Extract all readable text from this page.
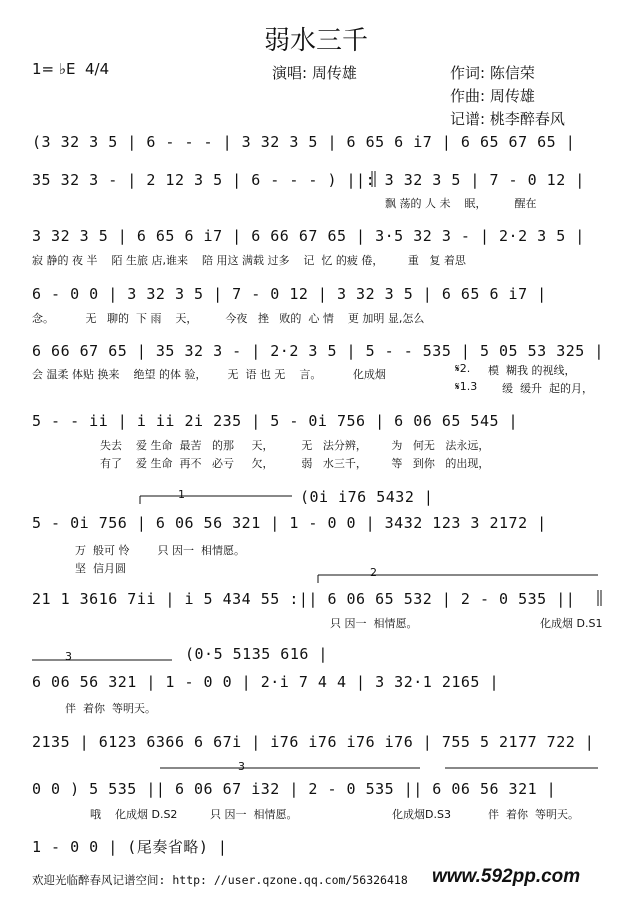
弱水三千
1= ♭E  4/4	演唱: 周传雄	作词: 陈信荣
作曲: 周传雄
记谱: 桃李醉春风
(3 32 3 5 | 6 - - - | 3 32 3 5 | 6 65 6 i7 | 6 65 67 65 |
35 32 3 - | 2 12 3 5 | 6 - - - ) ||: 3 32 3 5 | 7 - 0 12 |
3 32 3 5 | 6 65 6 i7 | 6 66 67 65 | 3·5 32 3 - | 2·2 3 5 |
6 - 0 0 | 3 32 3 5 | 7 - 0 12 | 3 32 3 5 | 6 65 6 i7 |
6 66 67 65 | 35 32 3 - | 2·2 3 5 | 5 - - 535 | 5 05 53 325 |
5 - - ii | i ii 2i 235 | 5 - 0i 756 | 6 06 65 545 |
(0i i76 5432 |
5 - 0i 756 | 6 06 56 321 | 1 - 0 0 | 3432 123 3 2172 |
21 1 3616 7ii | i 5 434 55 :|| 6 06 65 532 | 2 - 0 535 ||
(0·5 5135 616 |
6 06 56 321 | 1 - 0 0 | 2·i 7 4 4 | 3 32·1 2165 |
2135 | 6123 6366 6 67i | i76 i76 i76 i76 | 755 5 2177 722 |
0 0 ) 5 535 || 6 06 67 i32 | 2 - 0 535 || 6 06 56 321 |
1 - 0 0 | (尾奏省略) |
1
2
3
3
𝄋2.
𝄋1.3
飘 荡的 人 未    眠，        醒在
寂 静的 夜 半    陌 生旅 店,谁来    陪 用这 满载 过多    记  忆 的疲 倦，       重   复 着思
念。         无   聊的  下 雨    天，        今夜   挫   败的  心 情    更 加明 显,怎么
会 温柔 体贴 换来    绝望 的体 验，      无  语 也 无    言。         化成烟	模  糊我 的视线，
缓  缓升  起的月，
失去    爱 生命  最苦   的那     天，        无   法分辨，       为   何无   法永远，
有了    爱 生命  再不   必亏     欠，        弱   水三千，       等   到你   的出现，
万  般可 怜        只 因一  相情愿。
坚  信月圆
只 因一  相情愿。	化成烟 D.S1
伴  着你  等明天。
哦    化成烟 D.S2	只 因一  相情愿。	化成烟D.S3	伴  着你  等明天。
欢迎光临醉春风记谱空间: http: //user.qzone.qq.com/56326418 www.592pp.com
